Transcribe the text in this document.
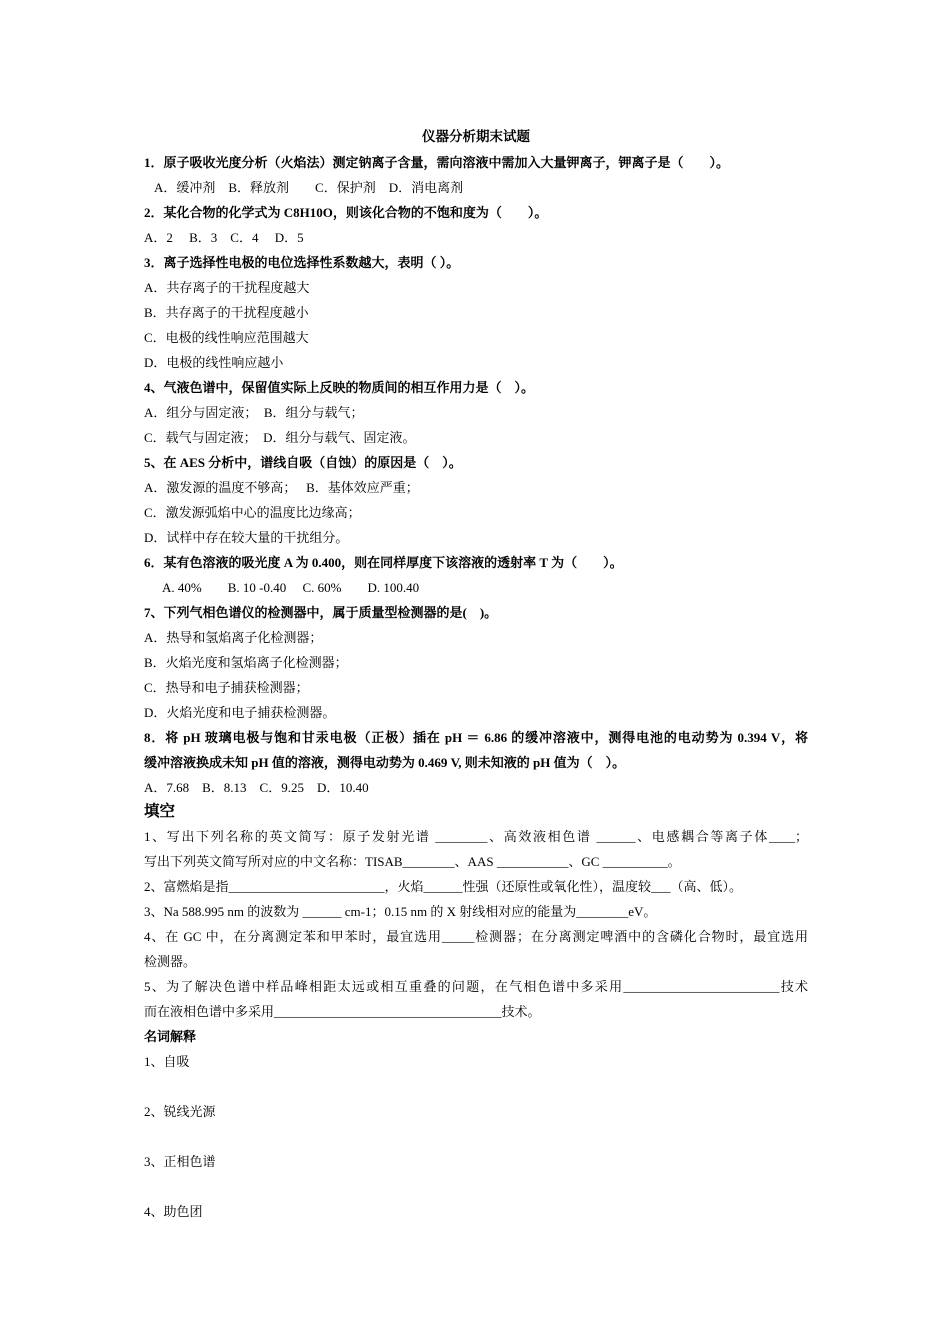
仪器分析期末试题
1．原子吸收光度分析（火焰法）测定钠离子含量，需向溶液中需加入大量钾离子，钾离子是（　　）。
A．缓冲剂　B．释放剂　　C．保护剂　D．消电离剂
2．某化合物的化学式为 C8H10O，则该化合物的不饱和度为（　　）。
A．2　 B．3　C．4　 D．5
3．离子选择性电极的电位选择性系数越大，表明（ ）。
A．共存离子的干扰程度越大
B．共存离子的干扰程度越小
C．电极的线性响应范围越大
D．电极的线性响应越小
4、气液色谱中，保留值实际上反映的物质间的相互作用力是（　）。
A．组分与固定液；　B．组分与载气；
C．载气与固定液；　D．组分与载气、固定液。
5、在 AES 分析中，谱线自吸（自蚀）的原因是（　）。
A．激发源的温度不够高；　 B．基体效应严重；
C．激发源弧焰中心的温度比边缘高；
D．试样中存在较大量的干扰组分。
6．某有色溶液的吸光度 A 为 0.400，则在同样厚度下该溶液的透射率 T 为（　　）。
A. 40%　　B. 10 -0.40　 C. 60%　　D. 100.40
7、下列气相色谱仪的检测器中，属于质量型检测器的是(　)。
A．热导和氢焰离子化检测器；
B．火焰光度和氢焰离子化检测器；
C．热导和电子捕获检测器；
D．火焰光度和电子捕获检测器。
8．将 pH 玻璃电极与饱和甘汞电极（正极）插在 pH ＝ 6.86 的缓冲溶液中，测得电池的电动势为 0.394 V，将
缓冲溶液换成未知 pH 值的溶液，测得电动势为 0.469 V, 则未知液的 pH 值为（　）。
A．7.68　B．8.13　C．9.25　D．10.40
填空
1、写出下列名称的英文简写：原子发射光谱 ________、高效液相色谱 ______、电感耦合等离子体____；
写出下列英文简写所对应的中文名称：TISAB________、AAS ___________、GC __________。
2、富燃焰是指________________________，火焰______性强（还原性或氧化性），温度较___（高、低）。
3、Na 588.995 nm 的波数为 ______ cm-1；0.15 nm 的 X 射线相对应的能量为________eV。
4、在 GC 中，在分离测定苯和甲苯时，最宜选用_____检测器；在分离测定啤酒中的含磷化合物时，最宜选用
检测器。
5、为了解决色谱中样品峰相距太远或相互重叠的问题，在气相色谱中多采用________________________技术
而在液相色谱中多采用___________________________________技术。
名词解释
1、自吸
2、锐线光源
3、正相色谱
4、助色团
